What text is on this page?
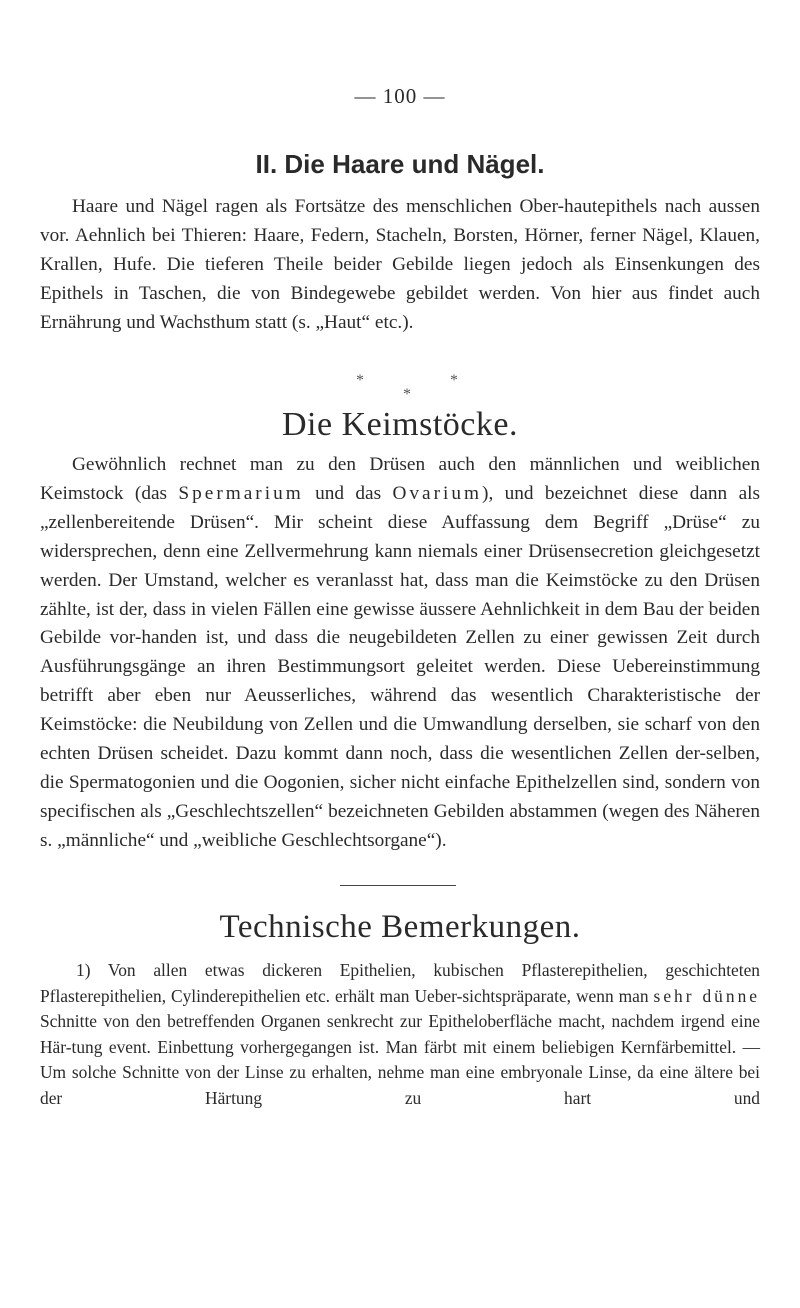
— 100 —
II. Die Haare und Nägel.

Haare und Nägel ragen als Fortsätze des menschlichen Ober-hautepithels nach aussen vor. Aehnlich bei Thieren: Haare, Federn, Stacheln, Borsten, Hörner, ferner Nägel, Klauen, Krallen, Hufe. Die tieferen Theile beider Gebilde liegen jedoch als Einsenkungen des Epithels in Taschen, die von Bindegewebe gebildet werden. Von hier aus findet auch Ernährung und Wachsthum statt (s. „Haut“ etc.).

*	*
*
Die Keimstöcke.

Gewöhnlich rechnet man zu den Drüsen auch den männlichen und weiblichen Keimstock (das Spermarium und das Ovarium), und bezeichnet diese dann als „zellenbereitende Drüsen“. Mir scheint diese Auffassung dem Begriff „Drüse“ zu widersprechen, denn eine Zellvermehrung kann niemals einer Drüsensecretion gleichgesetzt werden. Der Umstand, welcher es veranlasst hat, dass man die Keimstöcke zu den Drüsen zählte, ist der, dass in vielen Fällen eine gewisse äussere Aehnlichkeit in dem Bau der beiden Gebilde vor-handen ist, und dass die neugebildeten Zellen zu einer gewissen Zeit durch Ausführungsgänge an ihren Bestimmungsort geleitet werden. Diese Uebereinstimmung betrifft aber eben nur Aeusserliches, während das wesentlich Charakteristische der Keimstöcke: die Neubildung von Zellen und die Umwandlung derselben, sie scharf von den echten Drüsen scheidet. Dazu kommt dann noch, dass die wesentlichen Zellen der-selben, die Spermatogonien und die Oogonien, sicher nicht einfache Epithelzellen sind, sondern von specifischen als „Geschlechtszellen“ bezeichneten Gebilden abstammen (wegen des Näheren s. „männliche“ und „weibliche Geschlechtsorgane“).

Technische Bemerkungen.

1) Von allen etwas dickeren Epithelien, kubischen Pflasterepithelien, geschichteten Pflasterepithelien, Cylinderepithelien etc. erhält man Ueber-sichtspräparate, wenn man sehr dünne Schnitte von den betreffenden Organen senkrecht zur Epitheloberfläche macht, nachdem irgend eine Här-tung event. Einbettung vorhergegangen ist. Man färbt mit einem beliebigen Kernfärbemittel. — Um solche Schnitte von der Linse zu erhalten, nehme man eine embryonale Linse, da eine ältere bei der Härtung zu hart und
